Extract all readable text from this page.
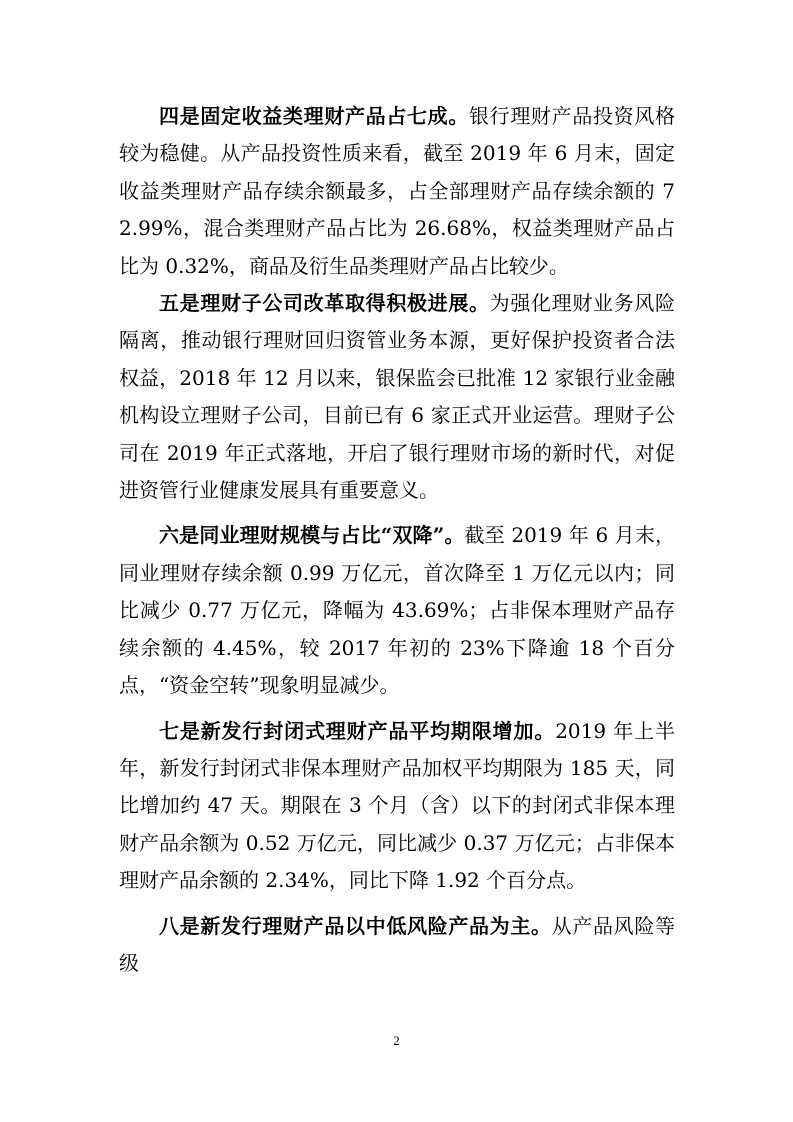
四是固定收益类理财产品占七成。银行理财产品投资风格较为稳健。从产品投资性质来看，截至 2019 年 6 月末，固定收益类理财产品存续余额最多，占全部理财产品存续余额的 72.99%，混合类理财产品占比为 26.68%，权益类理财产品占比为 0.32%，商品及衍生品类理财产品占比较少。

五是理财子公司改革取得积极进展。为强化理财业务风险隔离，推动银行理财回归资管业务本源，更好保护投资者合法权益，2018 年 12 月以来，银保监会已批准 12 家银行业金融机构设立理财子公司，目前已有 6 家正式开业运营。理财子公司在 2019 年正式落地，开启了银行理财市场的新时代，对促进资管行业健康发展具有重要意义。

六是同业理财规模与占比“双降”。截至 2019 年 6 月末，同业理财存续余额 0.99 万亿元，首次降至 1 万亿元以内；同比减少 0.77 万亿元，降幅为 43.69%；占非保本理财产品存续余额的 4.45%，较 2017 年初的 23%下降逾 18 个百分点，“资金空转”现象明显减少。

七是新发行封闭式理财产品平均期限增加。2019 年上半年，新发行封闭式非保本理财产品加权平均期限为 185 天，同比增加约 47 天。期限在 3 个月（含）以下的封闭式非保本理财产品余额为 0.52 万亿元，同比减少 0.37 万亿元；占非保本理财产品余额的 2.34%，同比下降 1.92 个百分点。

八是新发行理财产品以中低风险产品为主。从产品风险等级

2
